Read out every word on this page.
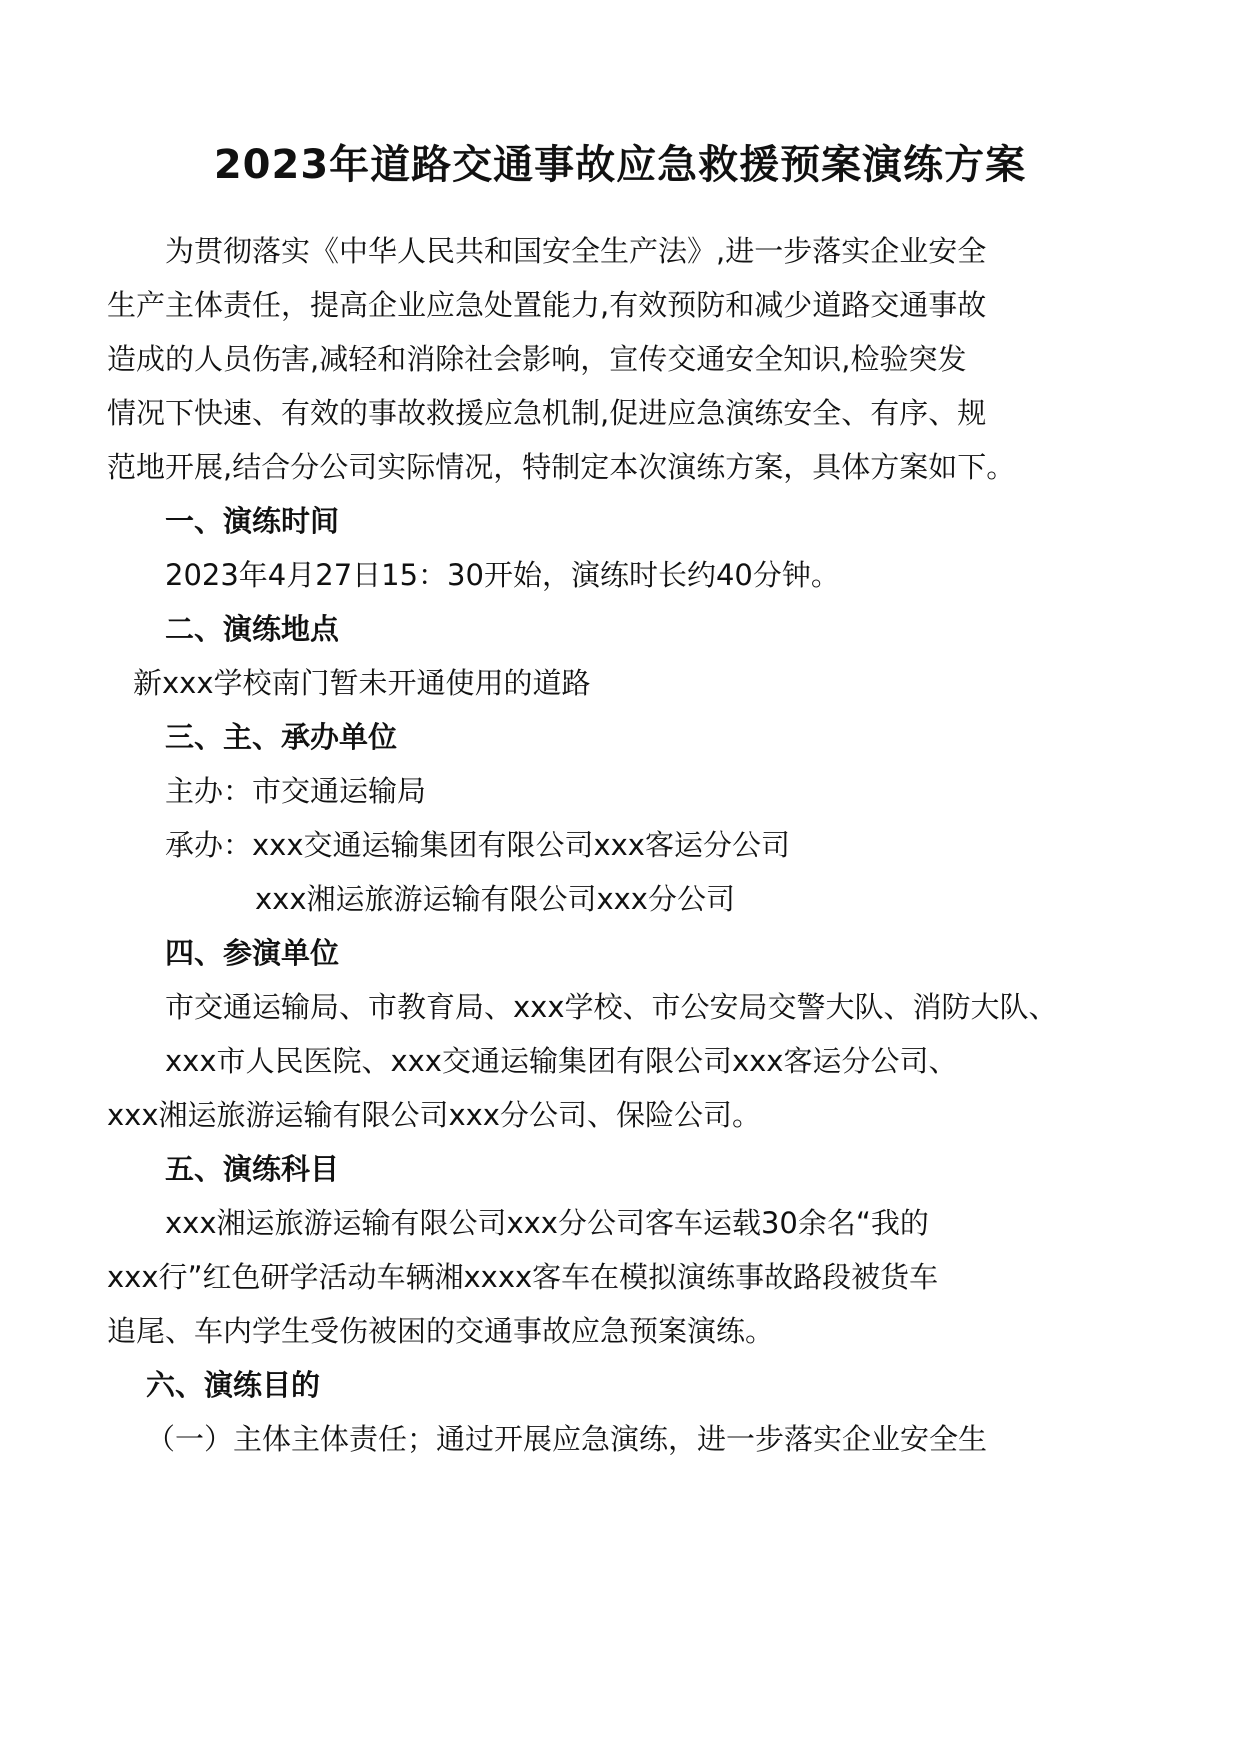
2023年道路交通事故应急救援预案演练方案

为贯彻落实《中华人民共和国安全生产法》,进一步落实企业安全

生产主体责任，提高企业应急处置能力,有效预防和减少道路交通事故

造成的人员伤害,减轻和消除社会影响，宣传交通安全知识,检验突发

情况下快速、有效的事故救援应急机制,促进应急演练安全、有序、规

范地开展,结合分公司实际情况，特制定本次演练方案，具体方案如下。

一、演练时间

2023年4月27日15：30开始，演练时长约40分钟。

二、演练地点

新xxx学校南门暂未开通使用的道路

三、主、承办单位

主办：市交通运输局

承办：xxx交通运输集团有限公司xxx客运分公司

xxx湘运旅游运输有限公司xxx分公司

四、参演单位

市交通运输局、市教育局、xxx学校、市公安局交警大队、消防大队、

xxx市人民医院、xxx交通运输集团有限公司xxx客运分公司、

xxx湘运旅游运输有限公司xxx分公司、保险公司。

五、演练科目

xxx湘运旅游运输有限公司xxx分公司客车运载30余名“我的

xxx行”红色研学活动车辆湘xxxx客车在模拟演练事故路段被货车

追尾、车内学生受伤被困的交通事故应急预案演练。

六、演练目的

（一）主体主体责任；通过开展应急演练，进一步落实企业安全生
